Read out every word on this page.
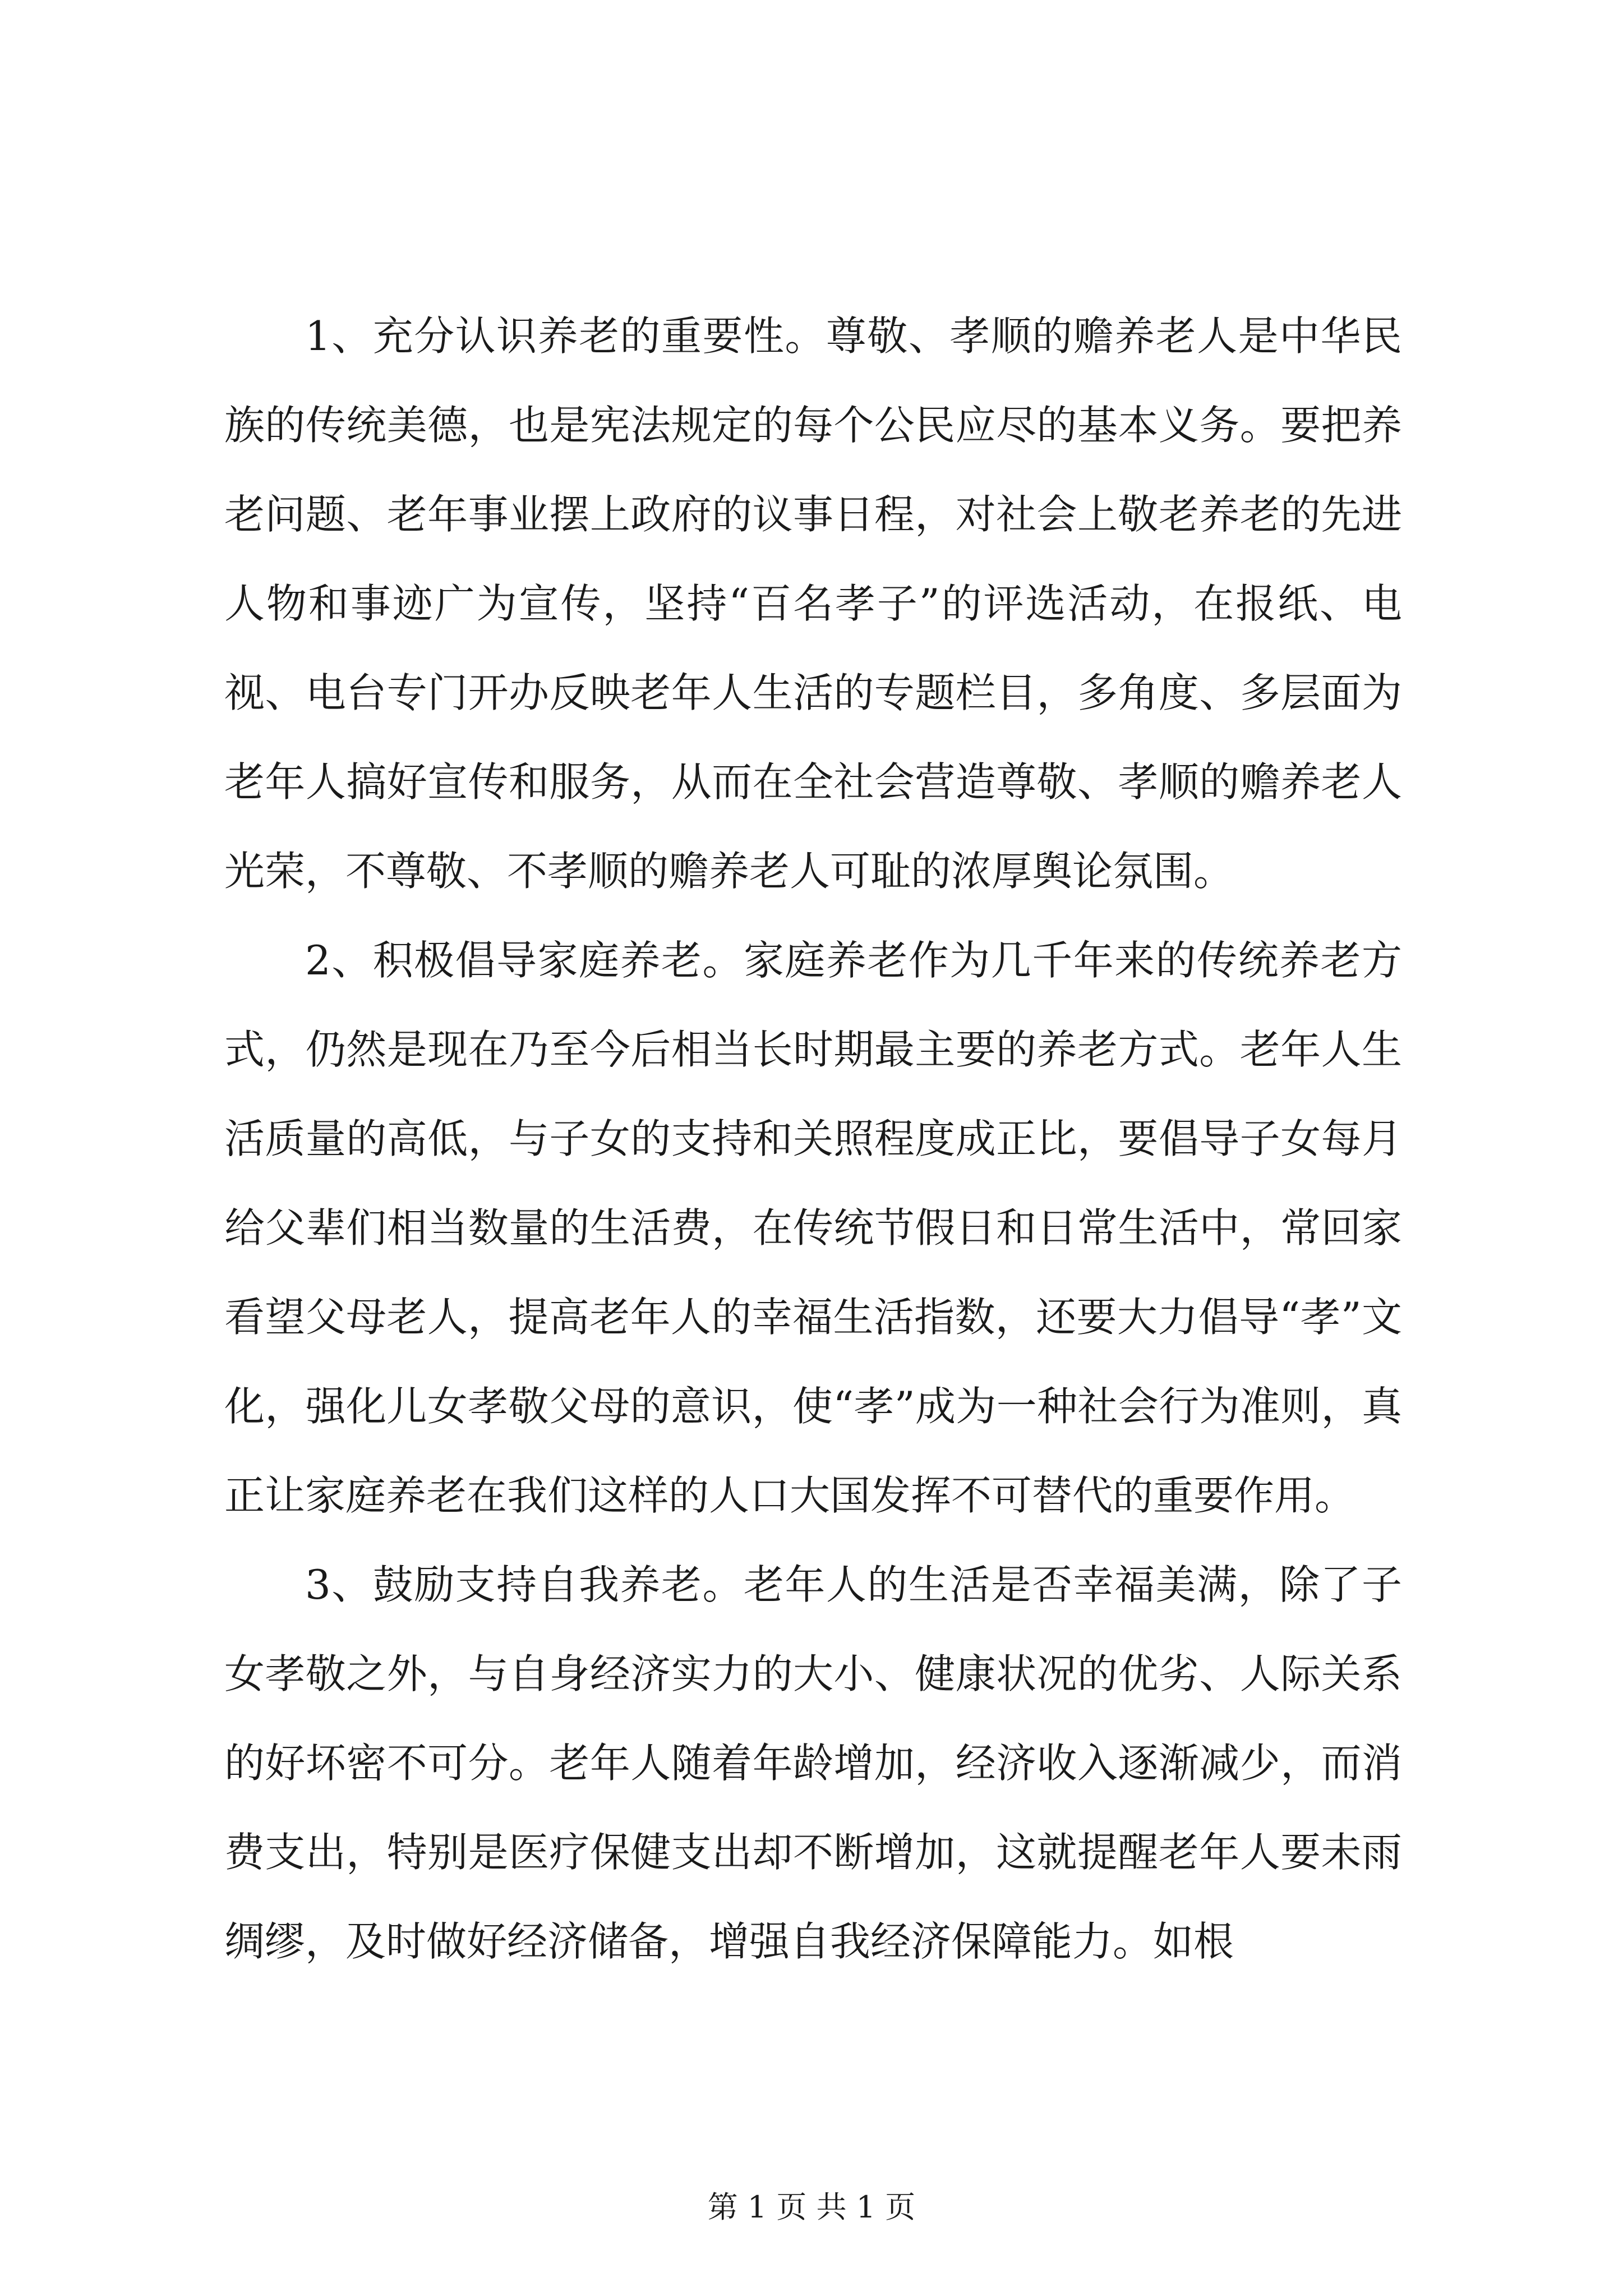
1、充分认识养老的重要性。尊敬、孝顺的赡养老人是中华民族的传统美德，也是宪法规定的每个公民应尽的基本义务。要把养老问题、老年事业摆上政府的议事日程，对社会上敬老养老的先进人物和事迹广为宣传，坚持“百名孝子”的评选活动，在报纸、电视、电台专门开办反映老年人生活的专题栏目，多角度、多层面为老年人搞好宣传和服务，从而在全社会营造尊敬、孝顺的赡养老人光荣，不尊敬、不孝顺的赡养老人可耻的浓厚舆论氛围。

2、积极倡导家庭养老。家庭养老作为几千年来的传统养老方式，仍然是现在乃至今后相当长时期最主要的养老方式。老年人生活质量的高低，与子女的支持和关照程度成正比，要倡导子女每月给父辈们相当数量的生活费，在传统节假日和日常生活中，常回家看望父母老人，提高老年人的幸福生活指数，还要大力倡导“孝”文化，强化儿女孝敬父母的意识，使“孝”成为一种社会行为准则，真正让家庭养老在我们这样的人口大国发挥不可替代的重要作用。

3、鼓励支持自我养老。老年人的生活是否幸福美满，除了子女孝敬之外，与自身经济实力的大小、健康状况的优劣、人际关系的好坏密不可分。老年人随着年龄增加，经济收入逐渐减少，而消费支出，特别是医疗保健支出却不断增加，这就提醒老年人要未雨绸缪，及时做好经济储备，增强自我经济保障能力。如根

第 1 页 共 1 页
